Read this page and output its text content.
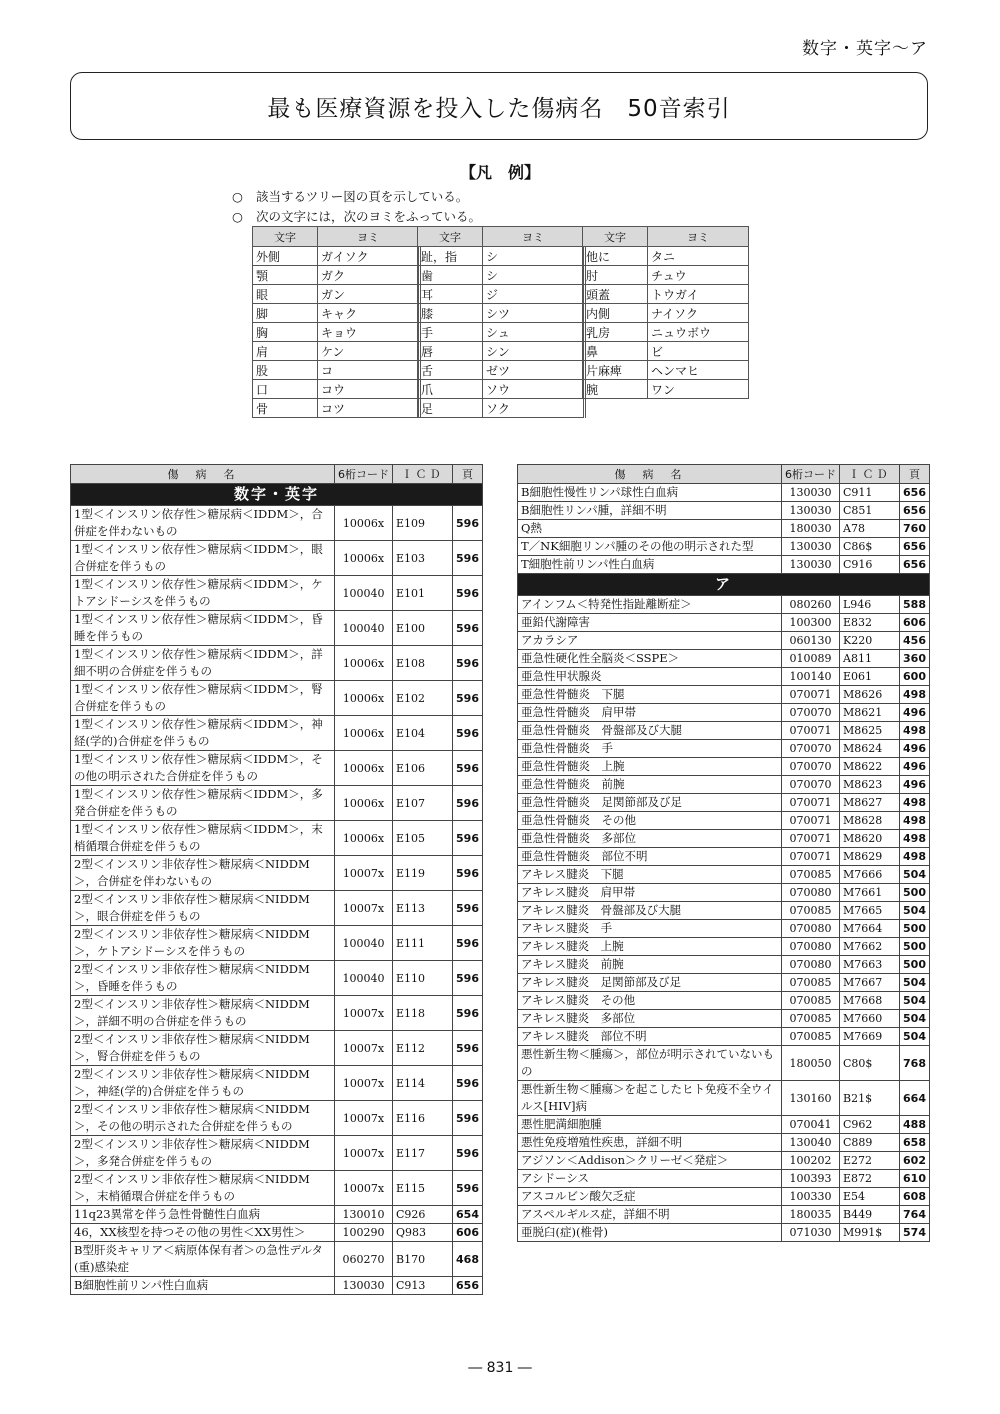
数字・英字～ア
最も医療資源を投入した傷病名　50音索引
【凡　例】
○ 該当するツリー図の頁を示している。
○ 次の文字には，次のヨミをふっている。
文字	ヨミ
外側	ガイソク
顎	ガク
眼	ガン
脚	キャク
胸	キョウ
肩	ケン
股	コ
口	コウ
骨	コツ
文字	ヨミ
趾，指	シ
歯	シ
耳	ジ
膝	シツ
手	シュ
唇	シン
舌	ゼツ
爪	ソウ
足	ソク
文字	ヨミ
他に	タニ
肘	チュウ
頭蓋	トウガイ
内側	ナイソク
乳房	ニュウボウ
鼻	ビ
片麻痺	ヘンマヒ
腕	ワン
傷　病　名	6桁コード	ＩＣＤ	頁
数字・英字			
1型＜インスリン依存性＞糖尿病＜IDDM＞，合併症を伴わないもの	10006x	E109	596
1型＜インスリン依存性＞糖尿病＜IDDM＞，眼合併症を伴うもの	10006x	E103	596
1型＜インスリン依存性＞糖尿病＜IDDM＞，ケトアシドーシスを伴うもの	100040	E101	596
1型＜インスリン依存性＞糖尿病＜IDDM＞，昏睡を伴うもの	100040	E100	596
1型＜インスリン依存性＞糖尿病＜IDDM＞，詳細不明の合併症を伴うもの	10006x	E108	596
1型＜インスリン依存性＞糖尿病＜IDDM＞，腎合併症を伴うもの	10006x	E102	596
1型＜インスリン依存性＞糖尿病＜IDDM＞，神経(学的)合併症を伴うもの	10006x	E104	596
1型＜インスリン依存性＞糖尿病＜IDDM＞，その他の明示された合併症を伴うもの	10006x	E106	596
1型＜インスリン依存性＞糖尿病＜IDDM＞，多発合併症を伴うもの	10006x	E107	596
1型＜インスリン依存性＞糖尿病＜IDDM＞，末梢循環合併症を伴うもの	10006x	E105	596
2型＜インスリン非依存性＞糖尿病＜NIDDM＞，合併症を伴わないもの	10007x	E119	596
2型＜インスリン非依存性＞糖尿病＜NIDDM＞，眼合併症を伴うもの	10007x	E113	596
2型＜インスリン非依存性＞糖尿病＜NIDDM＞，ケトアシドーシスを伴うもの	100040	E111	596
2型＜インスリン非依存性＞糖尿病＜NIDDM＞，昏睡を伴うもの	100040	E110	596
2型＜インスリン非依存性＞糖尿病＜NIDDM＞，詳細不明の合併症を伴うもの	10007x	E118	596
2型＜インスリン非依存性＞糖尿病＜NIDDM＞，腎合併症を伴うもの	10007x	E112	596
2型＜インスリン非依存性＞糖尿病＜NIDDM＞，神経(学的)合併症を伴うもの	10007x	E114	596
2型＜インスリン非依存性＞糖尿病＜NIDDM＞，その他の明示された合併症を伴うもの	10007x	E116	596
2型＜インスリン非依存性＞糖尿病＜NIDDM＞，多発合併症を伴うもの	10007x	E117	596
2型＜インスリン非依存性＞糖尿病＜NIDDM＞，末梢循環合併症を伴うもの	10007x	E115	596
11q23異常を伴う急性骨髄性白血病	130010	C926	654
46，XX核型を持つその他の男性＜XX男性＞	100290	Q983	606
B型肝炎キャリア＜病原体保有者＞の急性デルタ(重)感染症	060270	B170	468
B細胞性前リンパ性白血病	130030	C913	656
傷　病　名	6桁コード	ＩＣＤ	頁
B細胞性慢性リンパ球性白血病	130030	C911	656
B細胞性リンパ腫，詳細不明	130030	C851	656
Q熱	180030	A78	760
T／NK細胞リンパ腫のその他の明示された型	130030	C86$	656
T細胞性前リンパ性白血病	130030	C916	656
ア			
アインフム＜特発性指趾離断症＞	080260	L946	588
亜鉛代謝障害	100300	E832	606
アカラシア	060130	K220	456
亜急性硬化性全脳炎＜SSPE＞	010089	A811	360
亜急性甲状腺炎	100140	E061	600
亜急性骨髄炎　下腿	070071	M8626	498
亜急性骨髄炎　肩甲帯	070070	M8621	496
亜急性骨髄炎　骨盤部及び大腿	070071	M8625	498
亜急性骨髄炎　手	070070	M8624	496
亜急性骨髄炎　上腕	070070	M8622	496
亜急性骨髄炎　前腕	070070	M8623	496
亜急性骨髄炎　足関節部及び足	070071	M8627	498
亜急性骨髄炎　その他	070071	M8628	498
亜急性骨髄炎　多部位	070071	M8620	498
亜急性骨髄炎　部位不明	070071	M8629	498
アキレス腱炎　下腿	070085	M7666	504
アキレス腱炎　肩甲帯	070080	M7661	500
アキレス腱炎　骨盤部及び大腿	070085	M7665	504
アキレス腱炎　手	070080	M7664	500
アキレス腱炎　上腕	070080	M7662	500
アキレス腱炎　前腕	070080	M7663	500
アキレス腱炎　足関節部及び足	070085	M7667	504
アキレス腱炎　その他	070085	M7668	504
アキレス腱炎　多部位	070085	M7660	504
アキレス腱炎　部位不明	070085	M7669	504
悪性新生物＜腫瘍＞，部位が明示されていないもの	180050	C80$	768
悪性新生物＜腫瘍＞を起こしたヒト免疫不全ウイルス[HIV]病	130160	B21$	664
悪性肥満細胞腫	070041	C962	488
悪性免疫増殖性疾患，詳細不明	130040	C889	658
アジソン＜Addison＞クリーゼ＜発症＞	100202	E272	602
アシドーシス	100393	E872	610
アスコルビン酸欠乏症	100330	E54	608
アスペルギルス症，詳細不明	180035	B449	764
亜脱臼(症)(椎骨)	071030	M991$	574
― 831 ―
